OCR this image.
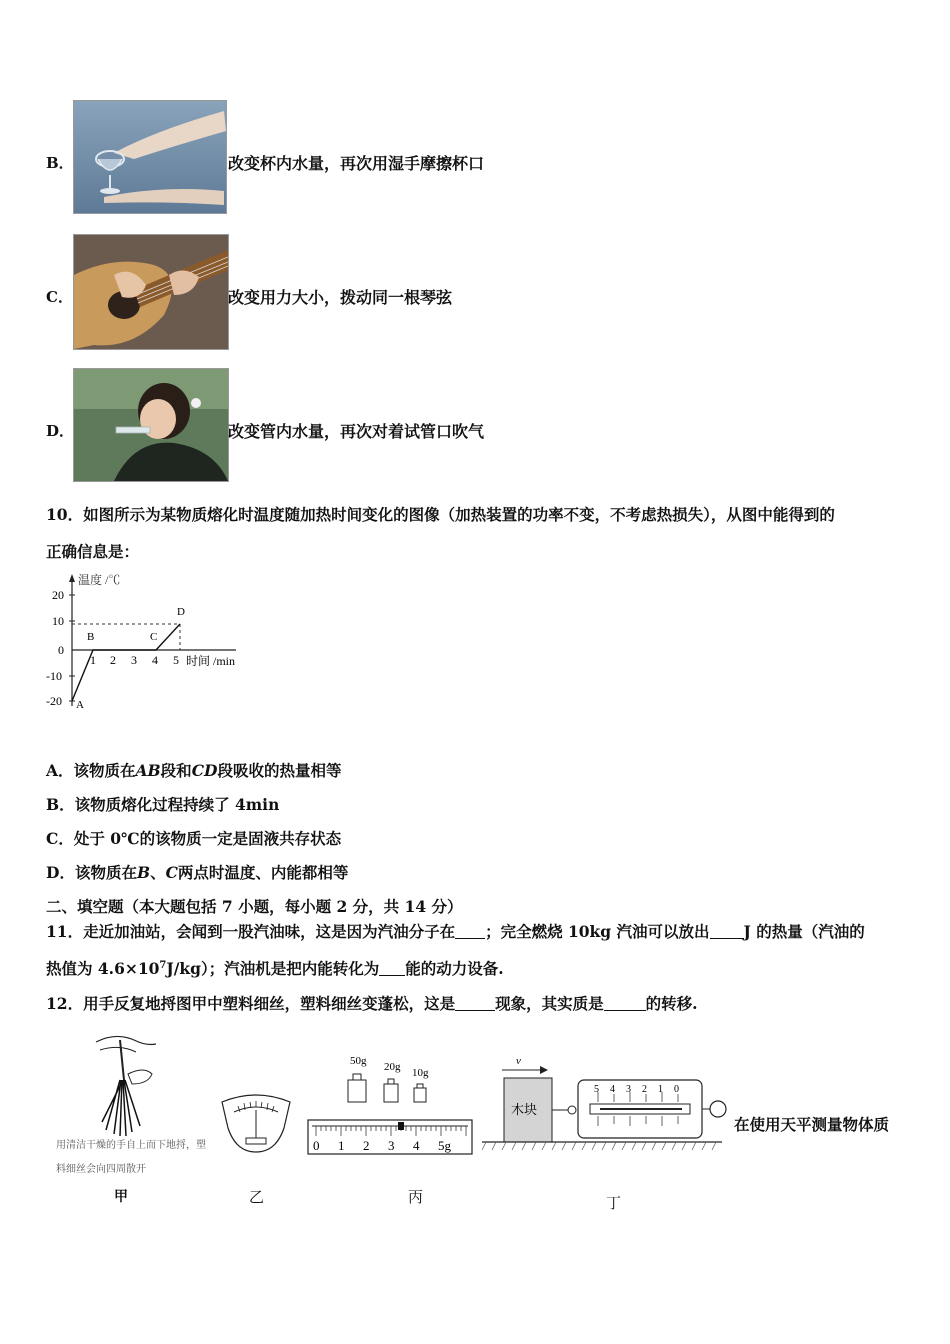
B．	改变杯内水量，再次用湿手摩擦杯口
C．	改变用力大小，拨动同一根琴弦
D．	改变管内水量，再次对着试管口吹气
10．如图所示为某物质熔化时温度随加热时间变化的图像（加热装置的功率不变，不考虑热损失），从图中能得到的
正确信息是：
温度 /℃
20
10
0
-10
-20
1 2 3 4 5 时间 /min
A
B	C
D
A．该物质在AB段和CD段吸收的热量相等
B．该物质熔化过程持续了 4min
C．处于 0℃的该物质一定是固液共存状态
D．该物质在B、C两点时温度、内能都相等
二、填空题（本大题包括 7 小题，每小题 2 分，共 14 分）
11．走近加油站，会闻到一股汽油味，这是因为汽油分子在 ；完全燃烧 10kg 汽油可以放出 J 的热量（汽油的
热值为 $4.6\times 10^7J/kg$）；汽油机是把内能转化为 能的动力设备.
12．用手反复地捋图甲中塑料细丝，塑料细丝变蓬松，这是	现象，其实质是	的转移.
用清洁干燥的手自上而下地捋，塑料细丝会向四周散开
甲	乙
50g 20g 10g
0 1 2 3 4 5g
丙
v
木块
5 4 3 2 1 0
丁
在使用天平测量物体质
